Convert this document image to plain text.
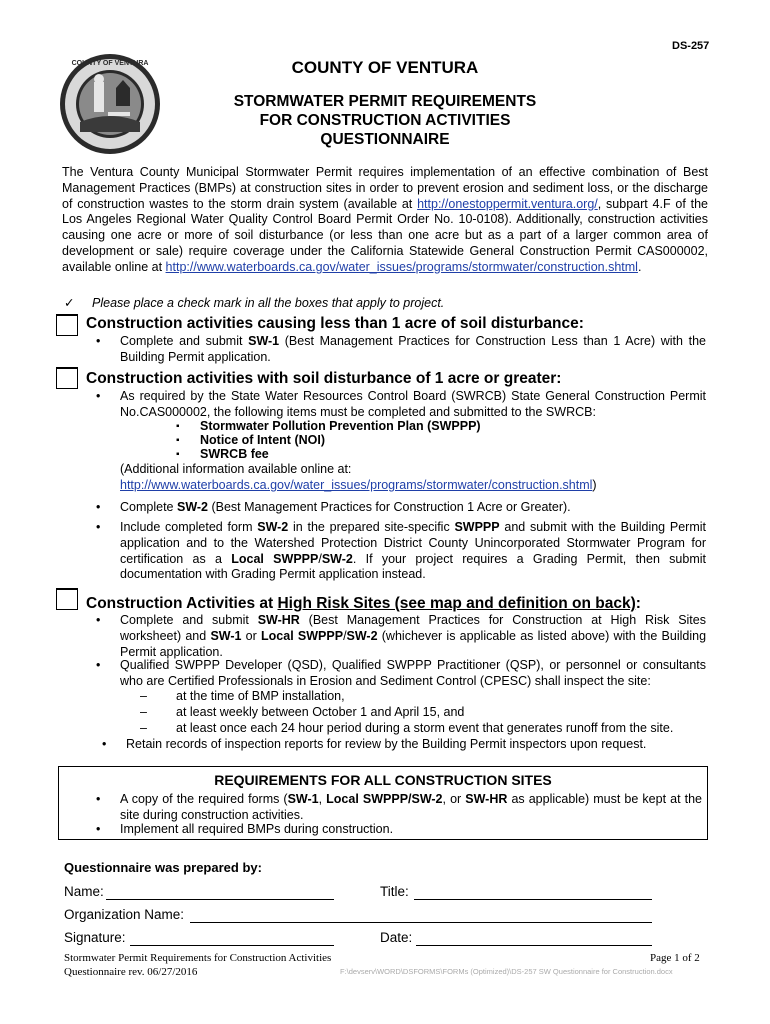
DS-257
COUNTY OF VENTURA	COUNTY OF VENTURA
STORMWATER PERMIT REQUIREMENTS
FOR CONSTRUCTION ACTIVITIES
QUESTIONNAIRE
The Ventura County Municipal Stormwater Permit requires implementation of an effective combination of Best Management Practices (BMPs) at construction sites in order to prevent erosion and sediment loss, or the discharge of construction wastes to the storm drain system (available at http://onestoppermit.ventura.org/, subpart 4.F of the Los Angeles Regional Water Quality Control Board Permit Order No. 10-0108). Additionally, construction activities causing one acre or more of soil disturbance (or less than one acre but as a part of a larger common area of development or sale) require coverage under the California Statewide General Construction Permit CAS000002, available online at http://www.waterboards.ca.gov/water_issues/programs/stormwater/construction.shtml.
✓ Please place a check mark in all the boxes that apply to project.
Construction activities causing less than 1 acre of soil disturbance:
• Complete and submit SW-1 (Best Management Practices for Construction Less than 1 Acre) with the Building Permit application.
Construction activities with soil disturbance of 1 acre or greater:
• As required by the State Water Resources Control Board (SWRCB) State General Construction Permit No.CAS000002, the following items must be completed and submitted to the SWRCB:
▪ Stormwater Pollution Prevention Plan (SWPPP)
▪ Notice of Intent (NOI)
▪ SWRCB fee
(Additional information available online at:
http://www.waterboards.ca.gov/water_issues/programs/stormwater/construction.shtml)
• Complete SW-2 (Best Management Practices for Construction 1 Acre or Greater).
• Include completed form SW-2 in the prepared site-specific SWPPP and submit with the Building Permit application and to the Watershed Protection District County Unincorporated Stormwater Program for certification as a Local SWPPP/SW-2. If your project requires a Grading Permit, then submit documentation with Grading Permit application instead.
Construction Activities at High Risk Sites (see map and definition on back):
• Complete and submit SW-HR (Best Management Practices for Construction at High Risk Sites worksheet) and SW-1 or Local SWPPP/SW-2 (whichever is applicable as listed above) with the Building Permit application.
• Qualified SWPPP Developer (QSD), Qualified SWPPP Practitioner (QSP), or personnel or consultants who are Certified Professionals in Erosion and Sediment Control (CPESC) shall inspect the site:
– at the time of BMP installation,
– at least weekly between October 1 and April 15, and
– at least once each 24 hour period during a storm event that generates runoff from the site.
• Retain records of inspection reports for review by the Building Permit inspectors upon request.
REQUIREMENTS FOR ALL CONSTRUCTION SITES
• A copy of the required forms (SW-1, Local SWPPP/SW-2, or SW-HR as applicable) must be kept at the site during construction activities.
• Implement all required BMPs during construction.
Questionnaire was prepared by:
Name:	Title:
Organization Name:
Signature:	Date:
Stormwater Permit Requirements for Construction Activities
Questionnaire rev. 06/27/2016
Page 1 of 2
F:\devserv\WORD\DSFORMS\FORMs (Optimized)\DS-257 SW Questionnaire for Construction.docx
